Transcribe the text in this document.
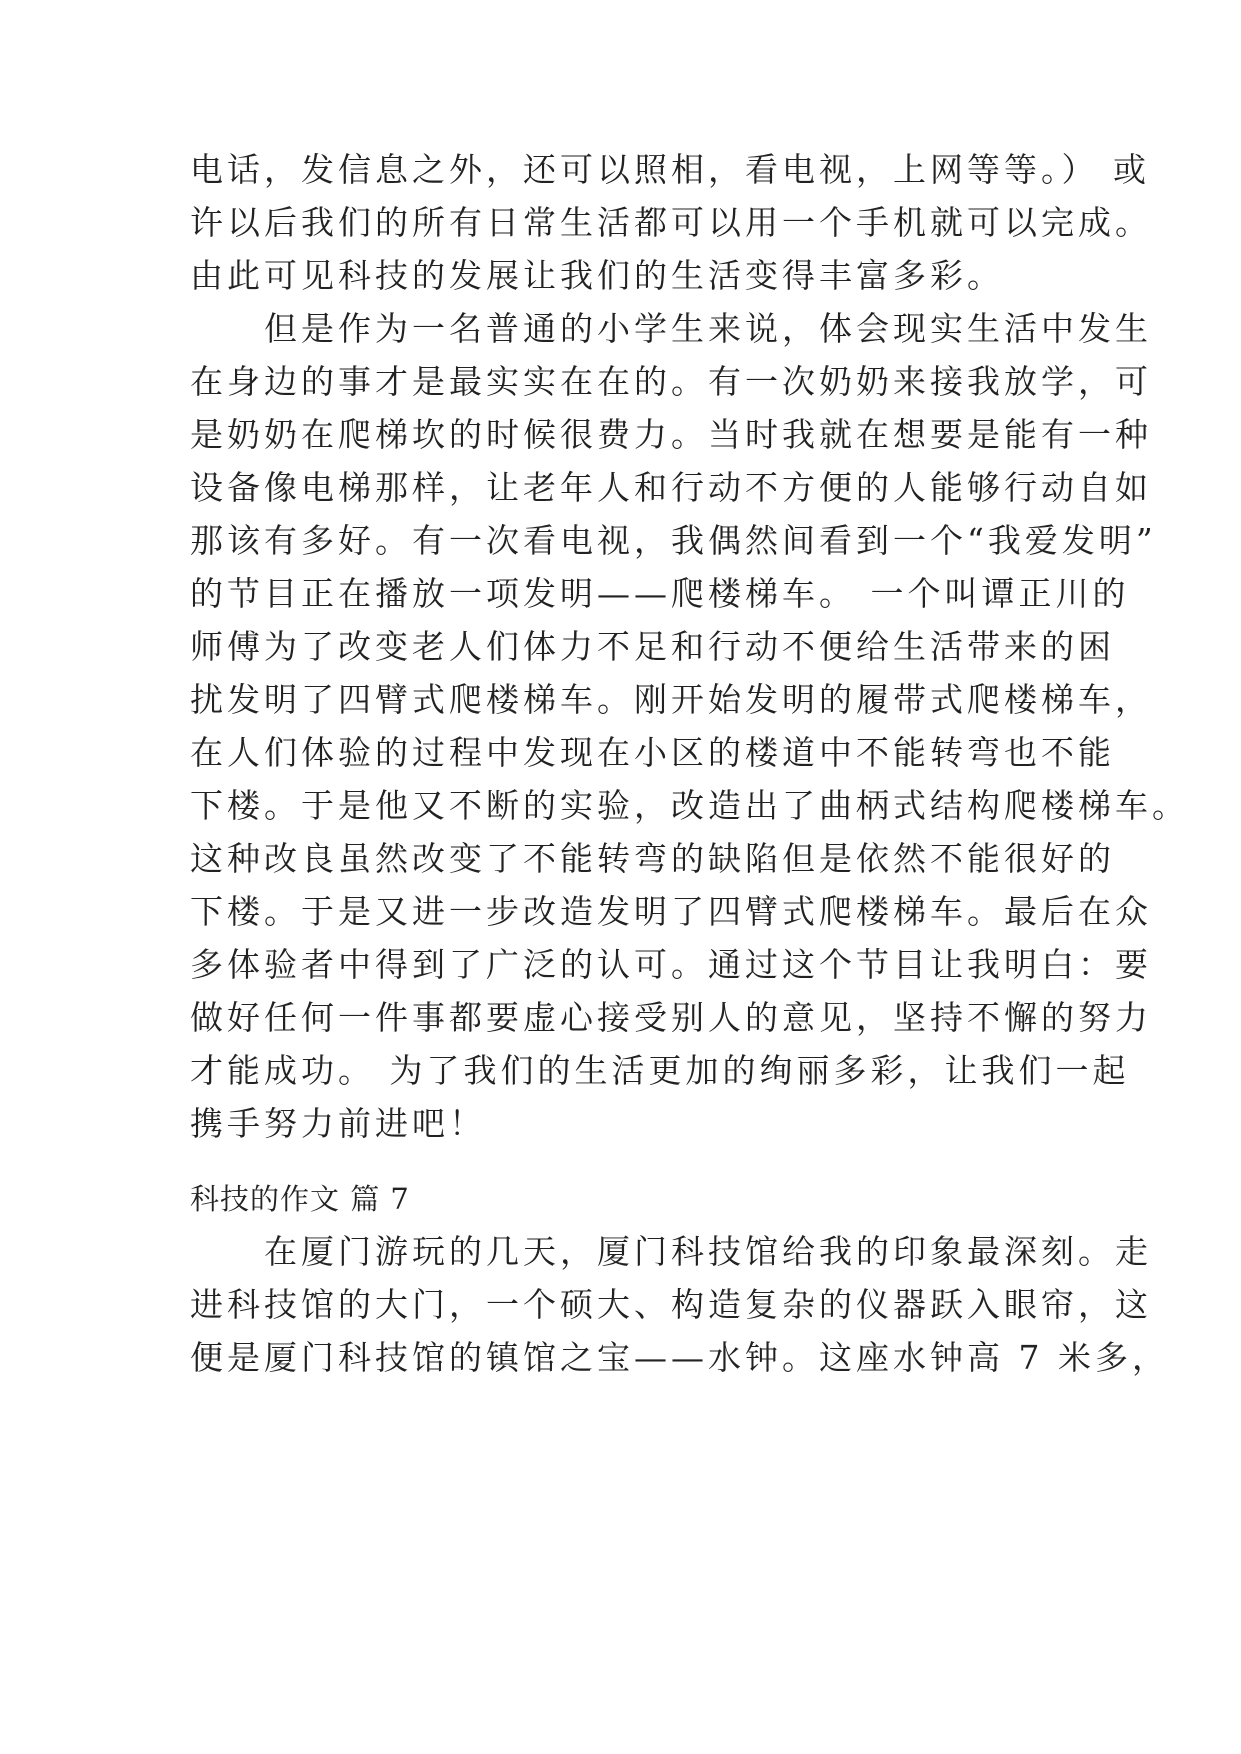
电话，发信息之外，还可以照相，看电视，上网等等。） 或
许以后我们的所有日常生活都可以用一个手机就可以完成。
由此可见科技的发展让我们的生活变得丰富多彩。
　　但是作为一名普通的小学生来说，体会现实生活中发生
在身边的事才是最实实在在的。有一次奶奶来接我放学，可
是奶奶在爬梯坎的时候很费力。当时我就在想要是能有一种
设备像电梯那样，让老年人和行动不方便的人能够行动自如
那该有多好。有一次看电视，我偶然间看到一个“我爱发明”
的节目正在播放一项发明——爬楼梯车。 一个叫谭正川的
师傅为了改变老人们体力不足和行动不便给生活带来的困
扰发明了四臂式爬楼梯车。刚开始发明的履带式爬楼梯车，
在人们体验的过程中发现在小区的楼道中不能转弯也不能
下楼。于是他又不断的实验，改造出了曲柄式结构爬楼梯车。
这种改良虽然改变了不能转弯的缺陷但是依然不能很好的
下楼。于是又进一步改造发明了四臂式爬楼梯车。最后在众
多体验者中得到了广泛的认可。通过这个节目让我明白：要
做好任何一件事都要虚心接受别人的意见，坚持不懈的努力
才能成功。 为了我们的生活更加的绚丽多彩，让我们一起
携手努力前进吧！
科技的作文 篇 7
　　在厦门游玩的几天，厦门科技馆给我的印象最深刻。走
进科技馆的大门，一个硕大、构造复杂的仪器跃入眼帘，这
便是厦门科技馆的镇馆之宝——水钟。这座水钟高 7 米多，
